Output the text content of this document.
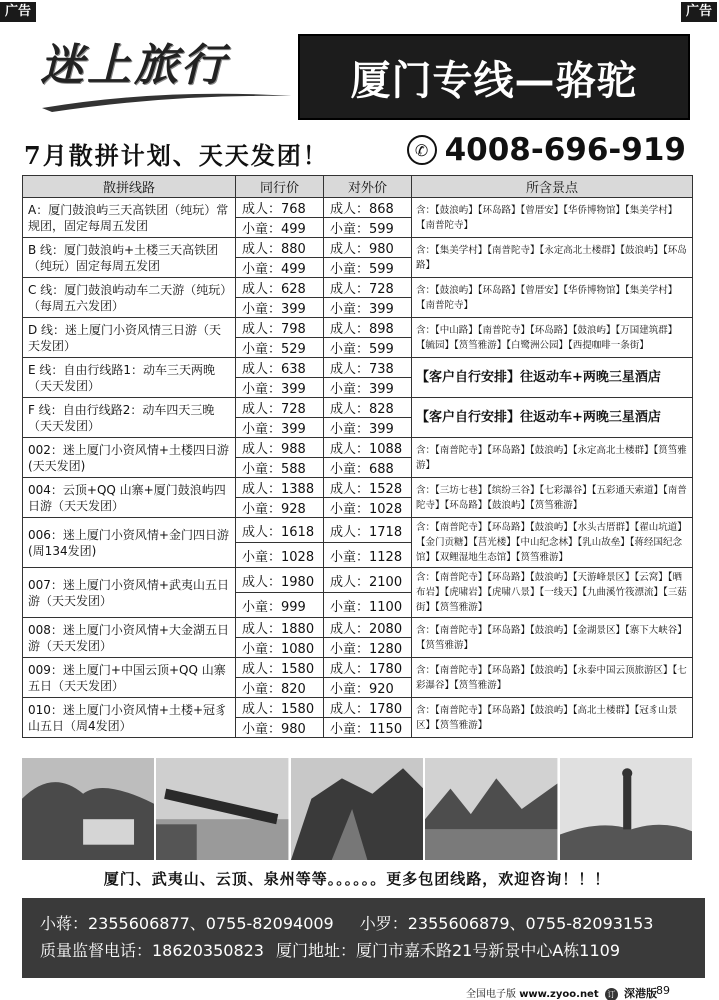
广告	广告
迷上旅行	厦门专线—骆驼
7月散拼计划、天天发团！	✆ 4008-696-919
散拼线路	同行价	对外价	所含景点
A：厦门鼓浪屿三天高铁团（纯玩）常规团，固定每周五发团	成人：768	成人：868	含：【鼓浪屿】【环岛路】【曾厝安】【华侨博物馆】【集美学村】【南普陀寺】
	小童：499	小童：599	
B 线：厦门鼓浪屿+土楼三天高铁团（纯玩）固定每周五发团	成人：880	成人：980	含：【集美学村】【南普陀寺】【永定高北土楼群】【鼓浪屿】【环岛路】
	小童：499	小童：599	
C 线：厦门鼓浪屿动车二天游（纯玩）（每周五六发团）	成人：628	成人：728	含：【鼓浪屿】【环岛路】【曾厝安】【华侨博物馆】【集美学村】【南普陀寺】
	小童：399	小童：399	
D 线：迷上厦门小资风情三日游（天天发团）	成人：798	成人：898	含：【中山路】【南普陀寺】【环岛路】【鼓浪屿】【万国建筑群】【毓园】【筼筜雅游】【白鹭洲公园】【西提咖啡一条街】
	小童：529	小童：599	
E 线：自由行线路1：动车三天两晚（天天发团）	成人：638	成人：738	【客户自行安排】往返动车+两晚三星酒店
	小童：399	小童：399	
F 线：自由行线路2：动车四天三晚（天天发团）	成人：728	成人：828	【客户自行安排】往返动车+两晚三星酒店
	小童：399	小童：399	
002：迷上厦门小资风情+土楼四日游(天天发团)	成人：988	成人：1088	含：【南普陀寺】【环岛路】【鼓浪屿】【永定高北土楼群】【筼筜雅游】
	小童：588	小童：688	
004：云顶+QQ 山寨+厦门鼓浪屿四日游（天天发团）	成人：1388	成人：1528	含：【三坊七巷】【缤纷三谷】【七彩瀑谷】【五彩通天索道】【南普陀寺】【环岛路】【鼓浪屿】【筼筜雅游】
	小童：928	小童：1028	
006：迷上厦门小资风情+金门四日游(周134发团)	成人：1618	成人：1718	含：【南普陀寺】【环岛路】【鼓浪屿】【水头古厝群】【翟山坑道】【金门贡糖】【莒光楼】【中山纪念林】【乳山故垒】【蒋经国纪念馆】【双鲤湿地生态馆】【筼筜雅游】
	小童：1028	小童：1128	
007：迷上厦门小资风情+武夷山五日游（天天发团）	成人：1980	成人：2100	含：【南普陀寺】【环岛路】【鼓浪屿】【天游峰景区】【云窝】【晒布岩】【虎啸岩】【虎啸八景】【一线天】【九曲溪竹筏漂流】【三菇街】【筼筜雅游】
	小童：999	小童：1100	
008：迷上厦门小资风情+大金湖五日游（天天发团）	成人：1880	成人：2080	含：【南普陀寺】【环岛路】【鼓浪屿】【金湖景区】【寨下大峡谷】【筼筜雅游】
	小童：1080	小童：1280	
009：迷上厦门+中国云顶+QQ 山寨五日（天天发团）	成人：1580	成人：1780	含：【南普陀寺】【环岛路】【鼓浪屿】【永泰中国云顶旅游区】【七彩瀑谷】【筼筜雅游】
	小童：820	小童：920	
010：迷上厦门小资风情+土楼+冠豸山五日（周4发团）	成人：1580	成人：1780	含：【南普陀寺】【环岛路】【鼓浪屿】【高北土楼群】【冠豸山景区】【筼筜雅游】
	小童：980	小童：1150	
厦门、武夷山、云顶、泉州等等。。。。。。更多包团线路，欢迎咨询！！！
小蒋：2355606877、0755-82094009 小罗：2355606879、0755-82093153
质量监督电话：18620350823 厦门地址：厦门市嘉禾路21号新景中心A栋1109
全国电子版 www.zyoo.net 订 深港版 89
